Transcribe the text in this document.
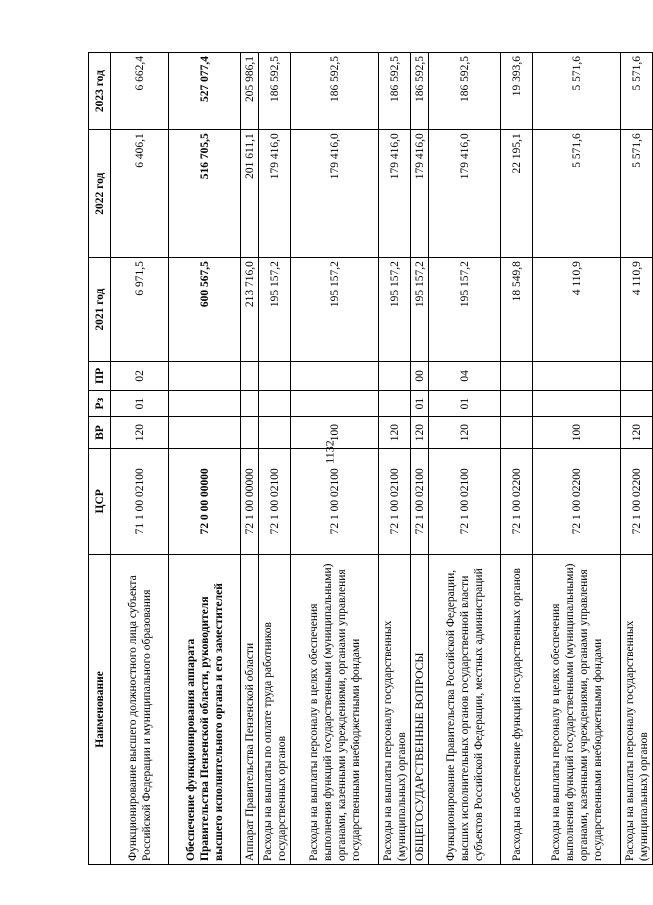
1132
Наименование	ЦСР	ВР	Рз	ПР	2021 год	2022 год	2023 год
Функционирование высшего должностного лица субъекта Российской Федерации и муниципального образования	71 1 00 02100	120	01	02	6 971,5	6 406,1	6 662,4
Обеспечение функционирования аппарата Правительства Пензенской области, руководителя высшего исполнительного органа и его заместителей	72 0 00 00000				600 567,5	516 705,5	527 077,4
Аппарат Правительства Пензенской области	72 1 00 00000				213 716,0	201 611,1	205 986,1
Расходы на выплаты по оплате труда работников государственных органов	72 1 00 02100				195 157,2	179 416,0	186 592,5
Расходы на выплаты персоналу в целях обеспечения выполнения функций государственными (муниципальными) органами, казенными учреждениями, органами управления государственными внебюджетными фондами	72 1 00 02100	100			195 157,2	179 416,0	186 592,5
Расходы на выплаты персоналу государственных (муниципальных) органов	72 1 00 02100	120			195 157,2	179 416,0	186 592,5
ОБЩЕГОСУДАРСТВЕННЫЕ ВОПРОСЫ	72 1 00 02100	120	01	00	195 157,2	179 416,0	186 592,5
Функционирование Правительства Российской Федерации, высших исполнительных органов государственной власти субъектов Российской Федерации, местных администраций	72 1 00 02100	120	01	04	195 157,2	179 416,0	186 592,5
Расходы на обеспечение функций государственных органов	72 1 00 02200				18 549,8	22 195,1	19 393,6
Расходы на выплаты персоналу в целях обеспечения выполнения функций государственными (муниципальными) органами, казенными учреждениями, органами управления государственными внебюджетными фондами	72 1 00 02200	100			4 110,9	5 571,6	5 571,6
Расходы на выплаты персоналу государственных (муниципальных) органов	72 1 00 02200	120			4 110,9	5 571,6	5 571,6
